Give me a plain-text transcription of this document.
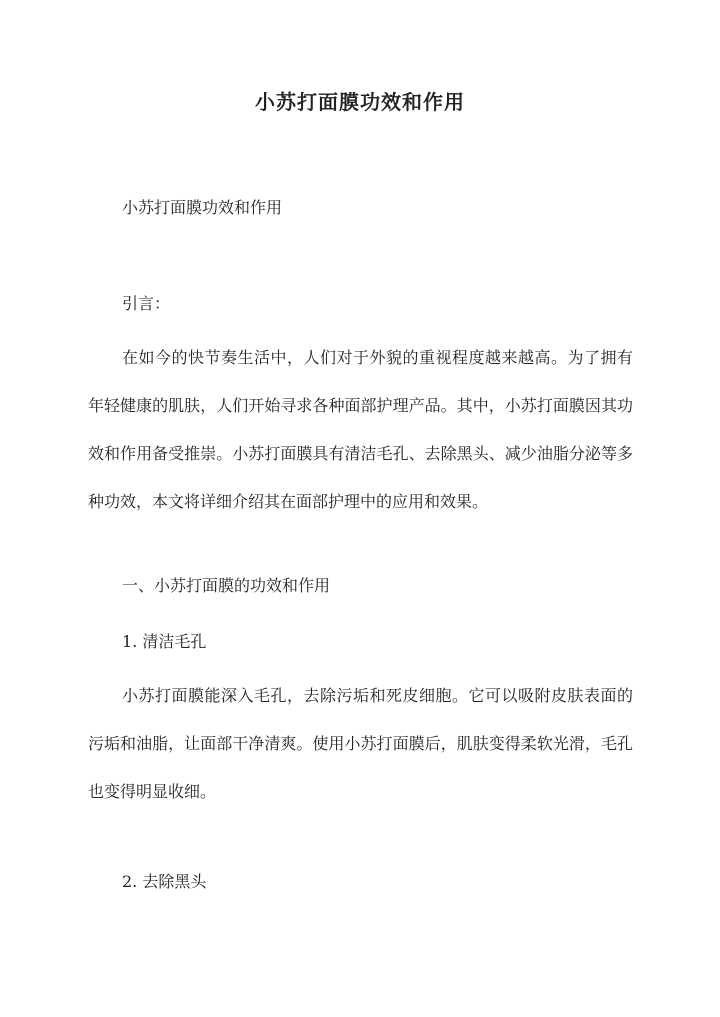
小苏打面膜功效和作用
小苏打面膜功效和作用
引言：

在如今的快节奏生活中，人们对于外貌的重视程度越来越高。为了拥有年轻健康的肌肤，人们开始寻求各种面部护理产品。其中，小苏打面膜因其功效和作用备受推崇。小苏打面膜具有清洁毛孔、去除黑头、减少油脂分泌等多种功效，本文将详细介绍其在面部护理中的应用和效果。

一、小苏打面膜的功效和作用
1. 清洁毛孔

小苏打面膜能深入毛孔，去除污垢和死皮细胞。它可以吸附皮肤表面的污垢和油脂，让面部干净清爽。使用小苏打面膜后，肌肤变得柔软光滑，毛孔也变得明显收细。

2. 去除黑头
